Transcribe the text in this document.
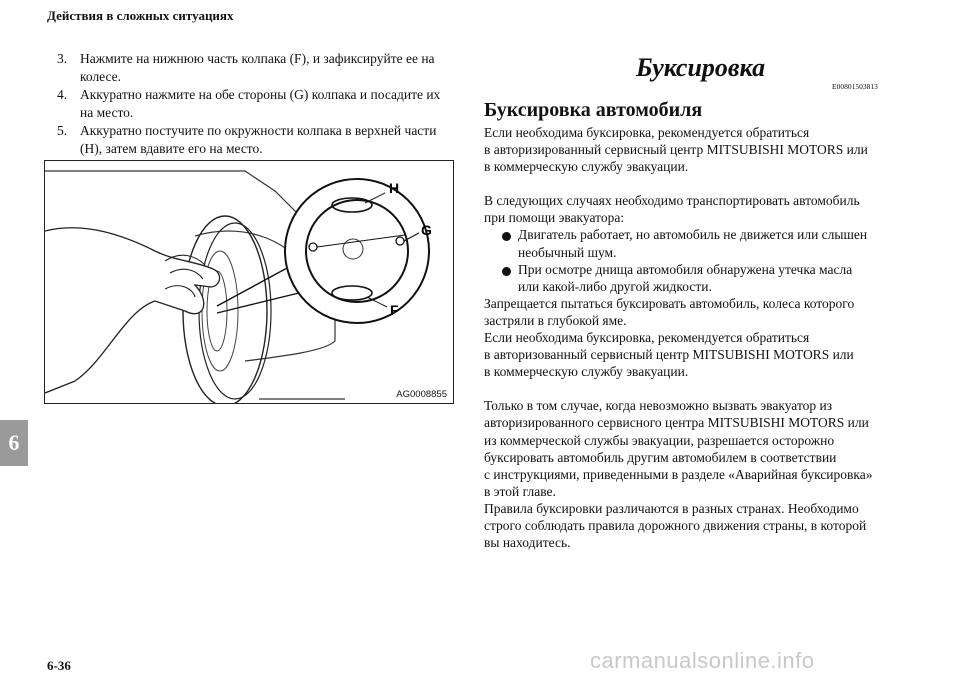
Действия в сложных ситуациях
6
3. Нажмите на нижнюю часть колпака (F), и зафиксируйте ее на колесе.
4. Аккуратно нажмите на обе стороны (G) колпака и посадите их на место.
5. Аккуратно постучите по окружности колпака в верхней части (H), затем вдавите его на место.
H
G
F
AG0008855
Буксировка
E00801503813
Буксировка автомобиля

Если необходима буксировка, рекомендуется обратиться
в авторизированный сервисный центр MITSUBISHI MOTORS или
в коммерческую службу эвакуации.

В следующих случаях необходимо транспортировать автомобиль
при помощи эвакуатора:

Двигатель работает, но автомобиль не движется или слышен
необычный шум.
При осмотре днища автомобиля обнаружена утечка масла
или какой-либо другой жидкости.

Запрещается пытаться буксировать автомобиль, колеса которого
застряли в глубокой яме.

Если необходима буксировка, рекомендуется обратиться
в авторизованный сервисный центр MITSUBISHI MOTORS или
в коммерческую службу эвакуации.

Только в том случае, когда невозможно вызвать эвакуатор из
авторизированного сервисного центра MITSUBISHI MOTORS или
из коммерческой службы эвакуации, разрешается осторожно
буксировать автомобиль другим автомобилем в соответствии
с инструкциями, приведенными в разделе «Аварийная буксировка»
в этой главе.

Правила буксировки различаются в разных странах. Необходимо
строго соблюдать правила дорожного движения страны, в которой
вы находитесь.

6-36	carmanualsonline.info
